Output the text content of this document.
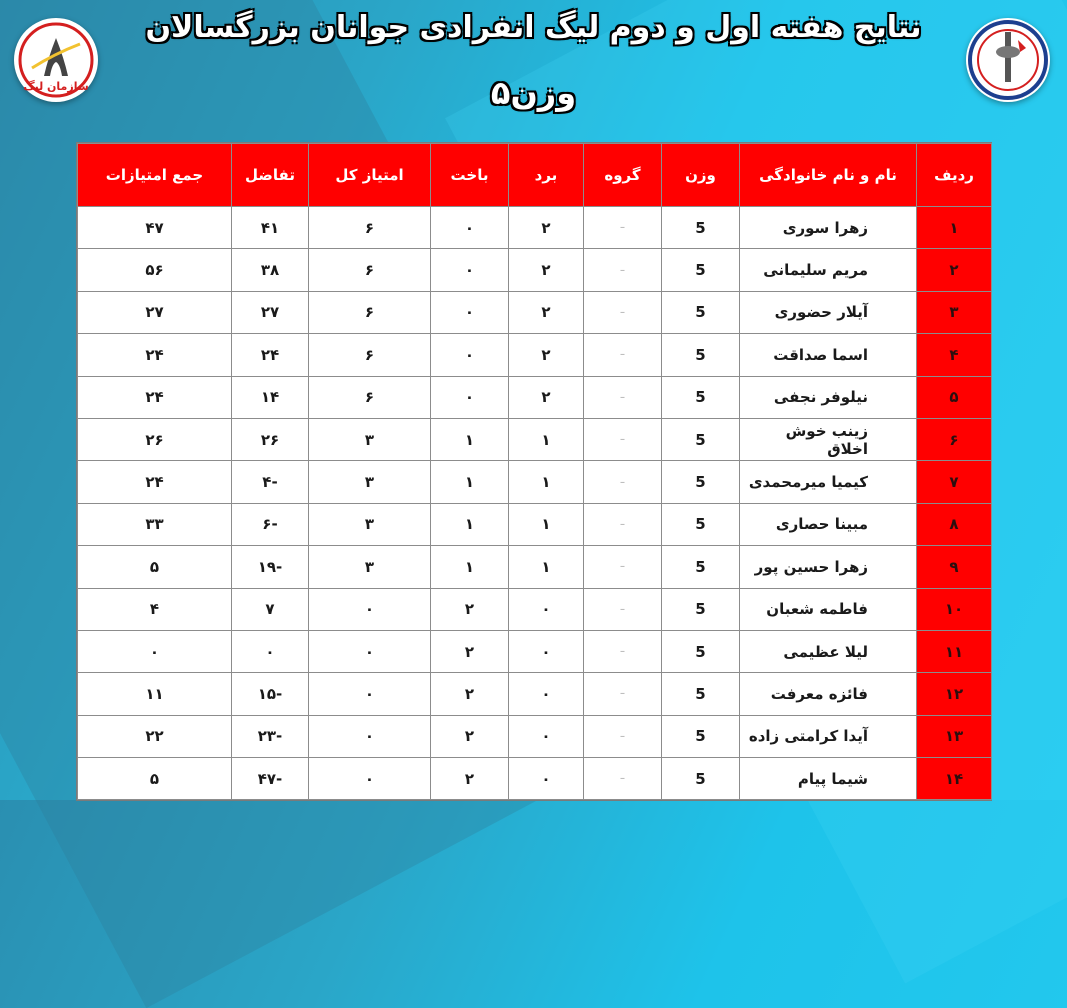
سازمان لیگ
نتایج هفته اول و دوم لیگ انفرادی جوانان بزرگسالان
وزن۵
ردیف	نام و نام خانوادگی	وزن	گروه	برد	باخت	امتیاز کل	تفاضل	جمع امتیازات
۱	زهرا سوری	5	–	۲	۰	۶	۴۱	۴۷
۲	مریم سلیمانی	5	–	۲	۰	۶	۳۸	۵۶
۳	آیلار حضوری	5	–	۲	۰	۶	۲۷	۲۷
۴	اسما صداقت	5	–	۲	۰	۶	۲۴	۲۴
۵	نیلوفر نجفی	5	–	۲	۰	۶	۱۴	۲۴
۶	زینب خوش اخلاق	5	–	۱	۱	۳	۲۶	۲۶
۷	کیمیا میرمحمدی	5	–	۱	۱	۳	-۴	۲۴
۸	مبینا حصاری	5	–	۱	۱	۳	-۶	۳۳
۹	زهرا حسین پور	5	–	۱	۱	۳	-۱۹	۵
۱۰	فاطمه شعبان	5	–	۰	۲	۰	۷	۴
۱۱	لیلا عظیمی	5	–	۰	۲	۰	۰	۰
۱۲	فائزه معرفت	5	–	۰	۲	۰	-۱۵	۱۱
۱۳	آیدا کرامتی زاده	5	–	۰	۲	۰	-۲۳	۲۲
۱۴	شیما پیام	5	–	۰	۲	۰	-۴۷	۵
